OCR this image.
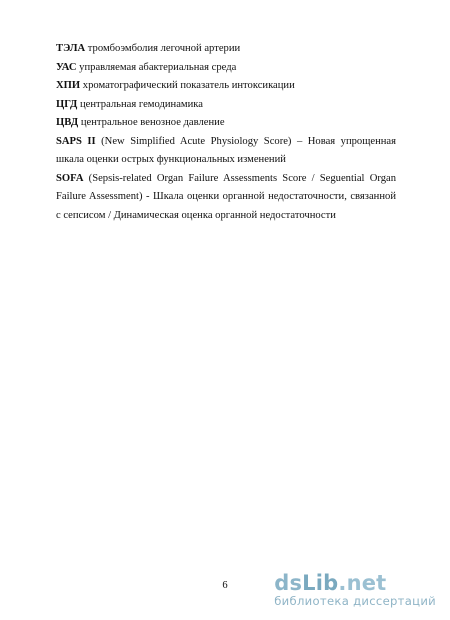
ТЭЛА тромбоэмболия легочной артерии

УАС управляемая абактериальная среда

ХПИ хроматографический показатель интоксикации

ЦГД центральная гемодинамика

ЦВД центральное венозное давление

SAPS II (New Simplified Acute Physiology Score) – Новая упрощенная шкала оценки острых функциональных изменений

SOFA (Sepsis-related Organ Failure Assessments Score / Seguential Organ Failure Assessment) - Шкала оценки органной недостаточности, связанной с сепсисом / Динамическая оценка органной недостаточности

6	dsLib.net
библиотека диссертаций
